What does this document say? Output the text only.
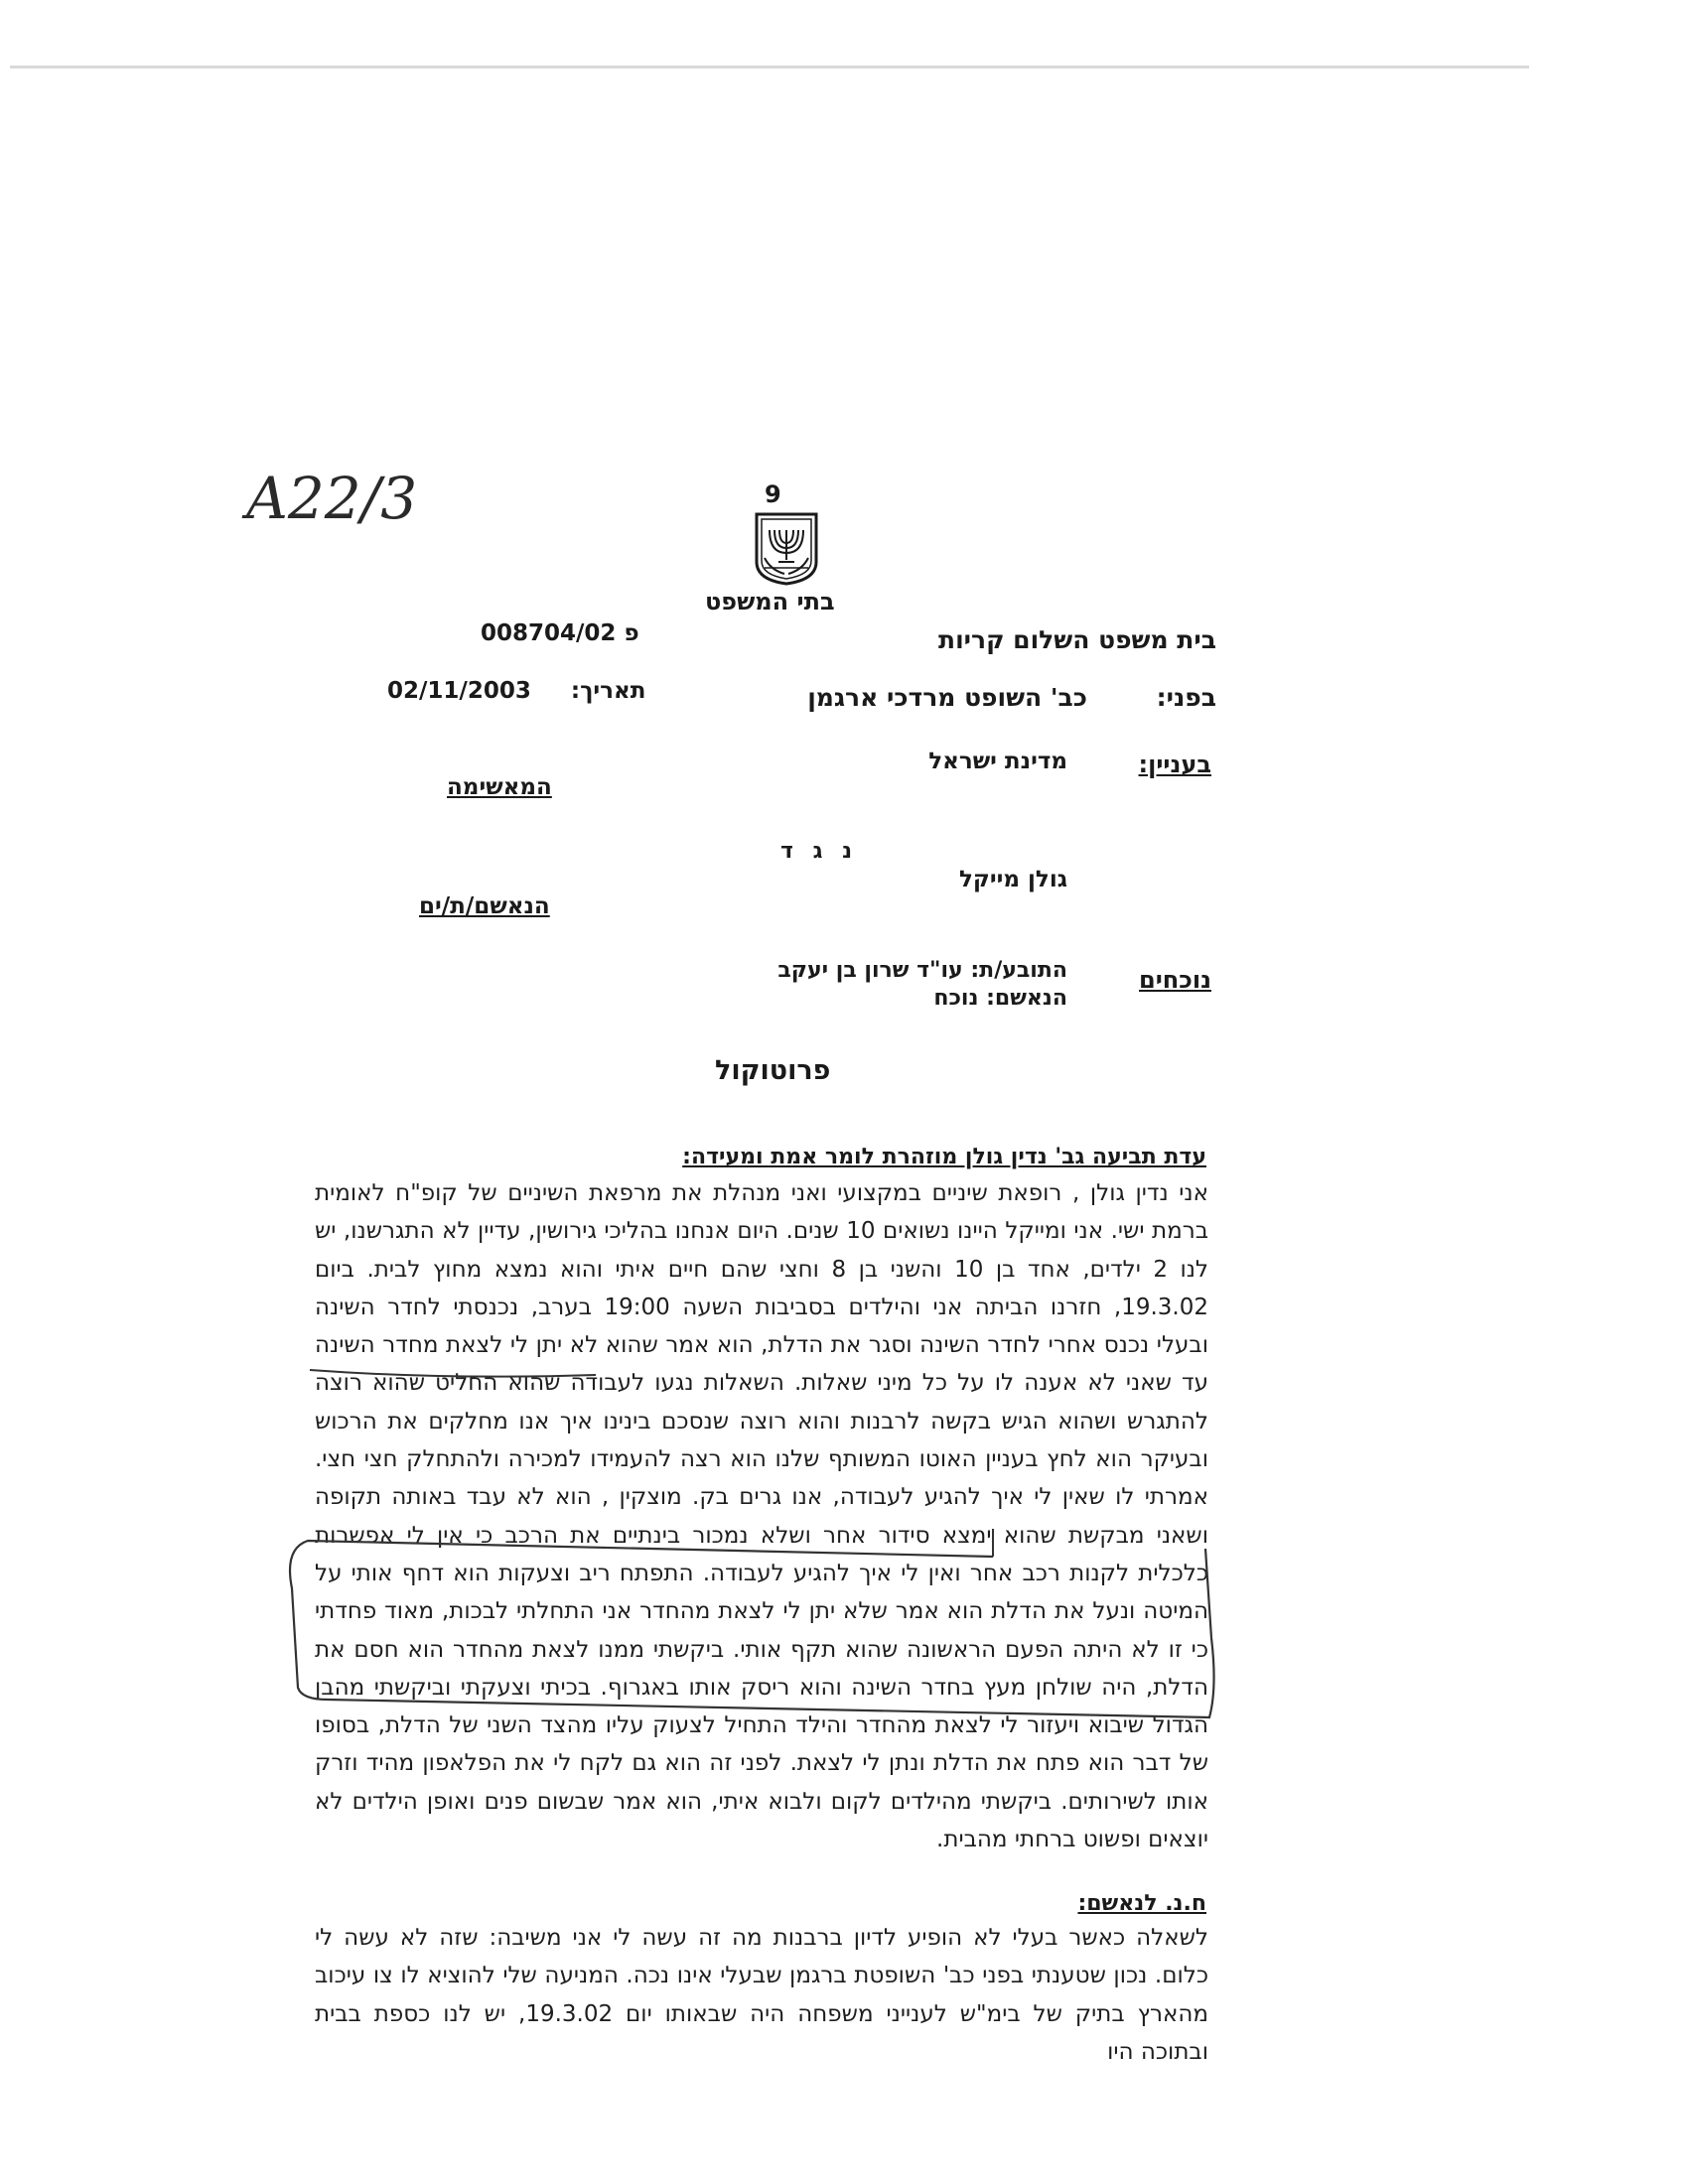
A22/3	9
בתי המשפט
בית משפט השלום קריות
פ 008704/02
בפני:        כב' השופט מרדכי ארגמן
תאריך:     02/11/2003
בעניין:
מדינת ישראל
המאשימה
נ ג ד
גולן מייקל
הנאשם/ת/ים
נוכחים
התובע/ת: עו"ד שרון בן יעקב
הנאשם: נוכח
פרוטוקול
עדת תביעה גב' נדין גולן מוזהרת לומר אמת ומעידה:
אני נדין גולן , רופאת שיניים במקצועי ואני מנהלת את מרפאת השיניים של קופ"ח לאומית ברמת ישי. אני ומייקל היינו נשואים 10 שנים. היום אנחנו בהליכי גירושין, עדיין לא התגרשנו, יש לנו 2 ילדים, אחד בן 10 והשני בן 8 וחצי שהם חיים איתי והוא נמצא מחוץ לבית. ביום 19.3.02, חזרנו הביתה אני והילדים בסביבות השעה 19:00 בערב, נכנסתי לחדר השינה ובעלי נכנס אחרי לחדר השינה וסגר את הדלת, הוא אמר שהוא לא יתן לי לצאת מחדר השינה עד שאני לא אענה לו על כל מיני שאלות. השאלות נגעו לעבודה שהוא החליט שהוא רוצה להתגרש ושהוא הגיש בקשה לרבנות והוא רוצה שנסכם בינינו איך אנו מחלקים את הרכוש ובעיקר הוא לחץ בעניין האוטו המשותף שלנו הוא רצה להעמידו למכירה ולהתחלק חצי חצי. אמרתי לו שאין לי איך להגיע לעבודה, אנו גרים בק. מוצקין , הוא לא עבד באותה תקופה ושאני מבקשת שהוא ימצא סידור אחר ושלא נמכור בינתיים את הרכב כי אין לי אפשרות כלכלית לקנות רכב אחר ואין לי איך להגיע לעבודה. התפתח ריב וצעקות הוא דחף אותי על המיטה ונעל את הדלת הוא אמר שלא יתן לי לצאת מהחדר אני התחלתי לבכות, מאוד פחדתי כי זו לא היתה הפעם הראשונה שהוא תקף אותי. ביקשתי ממנו לצאת מהחדר הוא חסם את הדלת, היה שולחן מעץ בחדר השינה והוא ריסק אותו באגרוף. בכיתי וצעקתי וביקשתי מהבן הגדול שיבוא ויעזור לי לצאת מהחדר והילד התחיל לצעוק עליו מהצד השני של הדלת, בסופו של דבר הוא פתח את הדלת ונתן לי לצאת. לפני זה הוא גם לקח לי את הפלאפון מהיד וזרק אותו לשירותים. ביקשתי מהילדים לקום ולבוא איתי, הוא אמר שבשום פנים ואופן הילדים לא יוצאים ופשוט ברחתי מהבית.
ח.נ. לנאשם:
לשאלה כאשר בעלי לא הופיע לדיון ברבנות מה זה עשה לי אני משיבה: שזה לא עשה לי כלום. נכון שטענתי בפני כב' השופטת ברגמן שבעלי אינו נכה. המניעה שלי להוציא לו צו עיכוב מהארץ בתיק של בימ"ש לענייני משפחה היה שבאותו יום 19.3.02, יש לנו כספת בבית ובתוכה היו
